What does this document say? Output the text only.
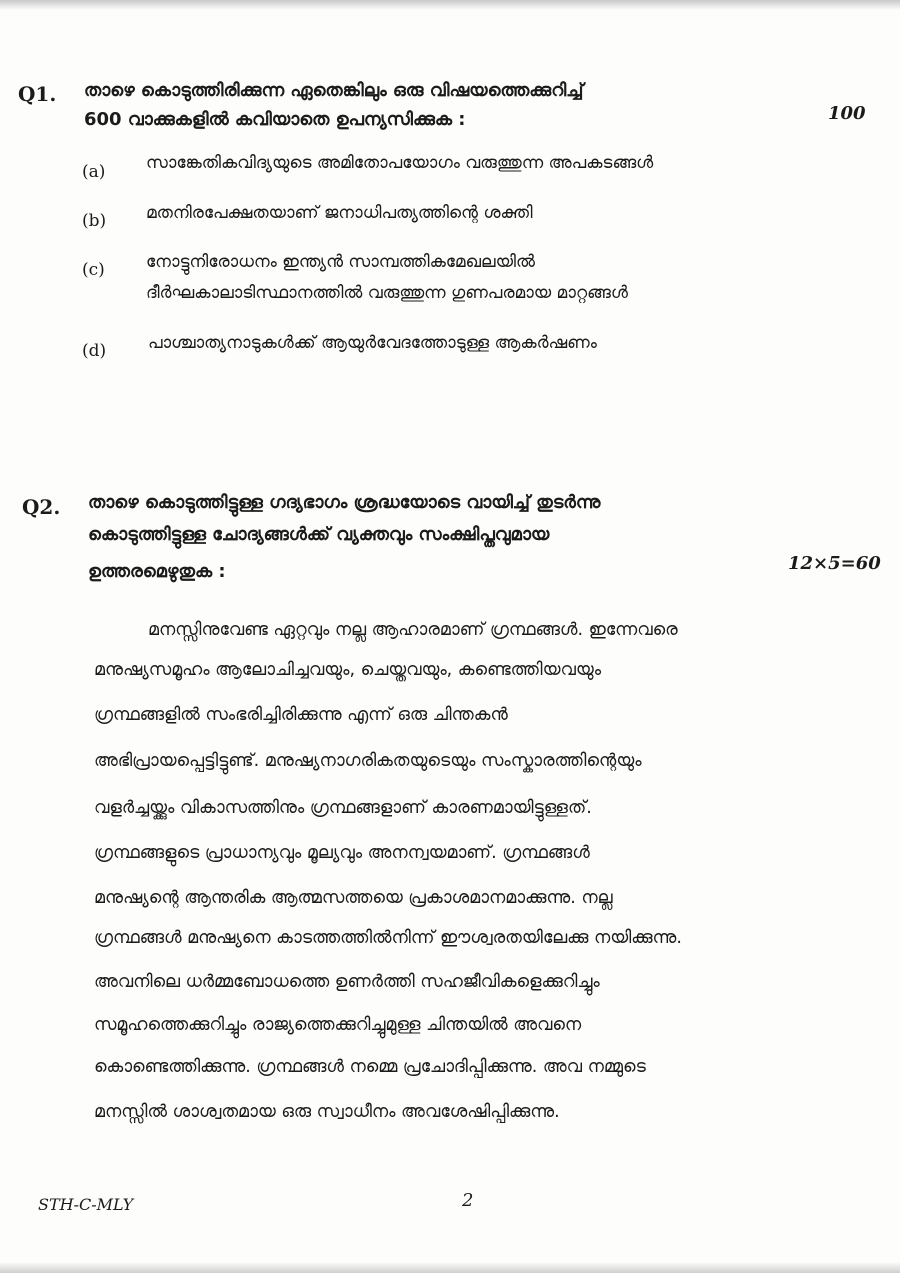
Q1. താഴെ കൊടുത്തിരിക്കുന്ന ഏതെങ്കിലും ഒരു വിഷയത്തെക്കുറിച്ച്
600 വാക്കുകളിൽ കവിയാതെ ഉപന്യസിക്കുക :	100
(a) സാങ്കേതികവിദ്യയുടെ അമിതോപയോഗം വരുത്തുന്ന അപകടങ്ങൾ
(b) മതനിരപേക്ഷതയാണ് ജനാധിപത്യത്തിന്റെ ശക്തി
(c) നോട്ടുനിരോധനം ഇന്ത്യൻ സാമ്പത്തികമേഖലയിൽ
ദീർഘകാലാടിസ്ഥാനത്തിൽ വരുത്തുന്ന ഗുണപരമായ മാറ്റങ്ങൾ
(d) പാശ്ചാത്യനാടുകൾക്ക് ആയുർവേദത്തോടുള്ള ആകർഷണം
Q2. താഴെ കൊടുത്തിട്ടുള്ള ഗദ്യഭാഗം ശ്രദ്ധയോടെ വായിച്ച് തുടർന്നു
കൊടുത്തിട്ടുള്ള ചോദ്യങ്ങൾക്ക് വ്യക്തവും സംക്ഷിപ്തവുമായ
ഉത്തരമെഴുതുക :	12×5=60
മനസ്സിനുവേണ്ട ഏറ്റവും നല്ല ആഹാരമാണ് ഗ്രന്ഥങ്ങൾ. ഇന്നേവരെ
മനുഷ്യസമൂഹം ആലോചിച്ചവയും, ചെയ്തവയും, കണ്ടെത്തിയവയും
ഗ്രന്ഥങ്ങളിൽ സംഭരിച്ചിരിക്കുന്നു എന്ന് ഒരു ചിന്തകൻ
അഭിപ്രായപ്പെട്ടിട്ടുണ്ട്. മനുഷ്യനാഗരികതയുടെയും സംസ്കാരത്തിന്റെയും
വളർച്ചയ്ക്കും വികാസത്തിനും ഗ്രന്ഥങ്ങളാണ് കാരണമായിട്ടുള്ളത്.
ഗ്രന്ഥങ്ങളുടെ പ്രാധാന്യവും മൂല്യവും അനന്വയമാണ്. ഗ്രന്ഥങ്ങൾ
മനുഷ്യന്റെ ആന്തരിക ആത്മസത്തയെ പ്രകാശമാനമാക്കുന്നു. നല്ല
ഗ്രന്ഥങ്ങൾ മനുഷ്യനെ കാടത്തത്തിൽനിന്ന് ഈശ്വരതയിലേക്കു നയിക്കുന്നു.
അവനിലെ ധർമ്മബോധത്തെ ഉണർത്തി സഹജീവികളെക്കുറിച്ചും
സമൂഹത്തെക്കുറിച്ചും രാജ്യത്തെക്കുറിച്ചുമുള്ള ചിന്തയിൽ അവനെ
കൊണ്ടെത്തിക്കുന്നു. ഗ്രന്ഥങ്ങൾ നമ്മെ പ്രചോദിപ്പിക്കുന്നു. അവ നമ്മുടെ
മനസ്സിൽ ശാശ്വതമായ ഒരു സ്വാധീനം അവശേഷിപ്പിക്കുന്നു.
STH-C-MLY	2
